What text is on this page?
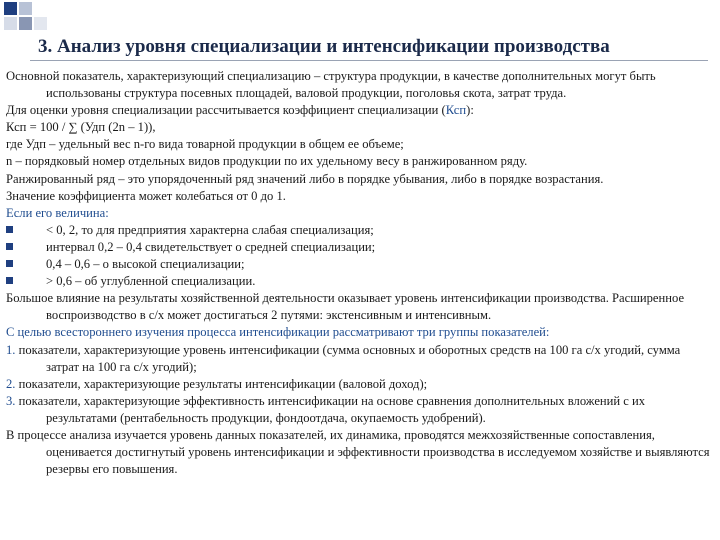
3. Анализ уровня специализации и интенсификации производства

Основной показатель, характеризующий специализацию – структура продукции, в качестве дополнительных могут быть использованы структура посевных площадей, валовой продукции, поголовья скота, затрат труда.

Для оценки уровня специализации рассчитывается коэффициент специализации (Ксп):

Ксп = 100 / ∑ (Удп (2n – 1)),

где Удп – удельный вес n-го вида товарной продукции в общем ее объеме;

n – порядковый номер отдельных видов продукции по их удельному весу в ранжированном ряду.

Ранжированный ряд – это упорядоченный ряд значений либо в порядке убывания, либо в порядке возрастания.

Значение коэффициента может колебаться от 0 до 1.

Если его величина:

< 0, 2, то для предприятия характерна слабая специализация;

интервал 0,2 – 0,4 свидетельствует о средней специализации;

0,4 – 0,6 – о высокой специализации;

> 0,6 – об углубленной специализации.

Большое влияние на результаты хозяйственной деятельности оказывает уровень интенсификации производства. Расширенное воспроизводство в с/х может достигаться 2 путями: экстенсивным и интенсивным.

С целью всестороннего изучения процесса интенсификации рассматривают три группы показателей:

1. показатели, характеризующие уровень интенсификации (сумма основных и оборотных средств на 100 га с/х угодий, сумма затрат на 100 га с/х угодий);

2. показатели, характеризующие результаты интенсификации (валовой доход);

3. показатели, характеризующие эффективность интенсификации на основе сравнения дополнительных вложений с их результатами (рентабельность продукции, фондоотдача, окупаемость удобрений).

В процессе анализа изучается уровень данных показателей, их динамика, проводятся межхозяйственные сопоставления, оценивается достигнутый уровень интенсификации и эффективности производства в исследуемом хозяйстве и выявляются резервы его повышения.
